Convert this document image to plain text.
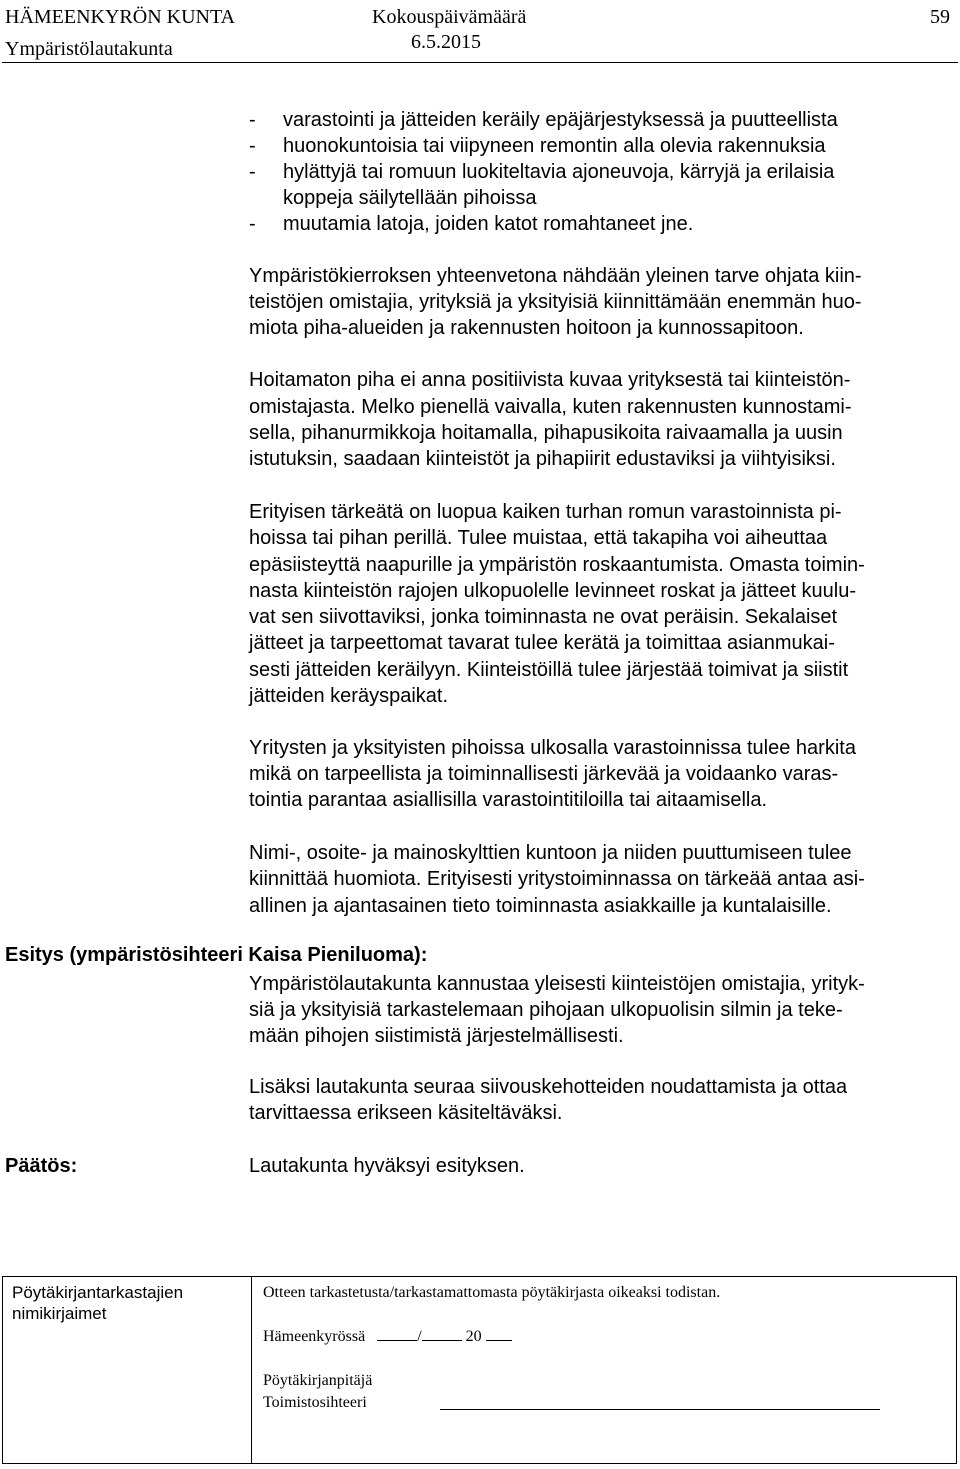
HÄMEENKYRÖN KUNTA	Kokouspäivämäärä	59
6.5.2015
Ympäristölautakunta
- varastointi ja jätteiden keräily epäjärjestyksessä ja puutteellista
- huonokuntoisia tai viipyneen remontin alla olevia rakennuksia
- hylättyjä tai romuun luokiteltavia ajoneuvoja, kärryjä ja erilaisia
koppeja säilytellään pihoissa
- muutamia latoja, joiden katot romahtaneet jne.
Ympäristökierroksen yhteenvetona nähdään yleinen tarve ohjata kiin-
teistöjen omistajia, yrityksiä ja yksityisiä kiinnittämään enemmän huo-
miota piha-alueiden ja rakennusten hoitoon ja kunnossapitoon.
Hoitamaton piha ei anna positiivista kuvaa yrityksestä tai kiinteistön-
omistajasta. Melko pienellä vaivalla, kuten rakennusten kunnostami-
sella, pihanurmikkoja hoitamalla, pihapusikoita raivaamalla ja uusin
istutuksin, saadaan kiinteistöt ja pihapiirit edustaviksi ja viihtyisiksi.
Erityisen tärkeätä on luopua kaiken turhan romun varastoinnista pi-
hoissa tai pihan perillä. Tulee muistaa, että takapiha voi aiheuttaa
epäsiisteyttä naapurille ja ympäristön roskaantumista. Omasta toimin-
nasta kiinteistön rajojen ulkopuolelle levinneet roskat ja jätteet kuulu-
vat sen siivottaviksi, jonka toiminnasta ne ovat peräisin. Sekalaiset
jätteet ja tarpeettomat tavarat tulee kerätä ja toimittaa asianmukai-
sesti jätteiden keräilyyn. Kiinteistöillä tulee järjestää toimivat ja siistit
jätteiden keräyspaikat.
Yritysten ja yksityisten pihoissa ulkosalla varastoinnissa tulee harkita
mikä on tarpeellista ja toiminnallisesti järkevää ja voidaanko varas-
tointia parantaa asiallisilla varastointitiloilla tai aitaamisella.
Nimi-, osoite- ja mainoskylttien kuntoon ja niiden puuttumiseen tulee
kiinnittää huomiota. Erityisesti yritystoiminnassa on tärkeää antaa asi-
allinen ja ajantasainen tieto toiminnasta asiakkaille ja kuntalaisille.
Esitys (ympäristösihteeri Kaisa Pieniluoma):
Ympäristölautakunta kannustaa yleisesti kiinteistöjen omistajia, yrityk-
siä ja yksityisiä tarkastelemaan pihojaan ulkopuolisin silmin ja teke-
mään pihojen siistimistä järjestelmällisesti.
Lisäksi lautakunta seuraa siivouskehotteiden noudattamista ja ottaa
tarvittaessa erikseen käsiteltäväksi.
Päätös:	Lautakunta hyväksyi esityksen.
Pöytäkirjantarkastajien nimikirjaimet
Otteen tarkastetusta/tarkastamattomasta pöytäkirjasta oikeaksi todistan.
Hämeenkyrössä	/	20
Pöytäkirjanpitäjä
Toimistosihteeri
